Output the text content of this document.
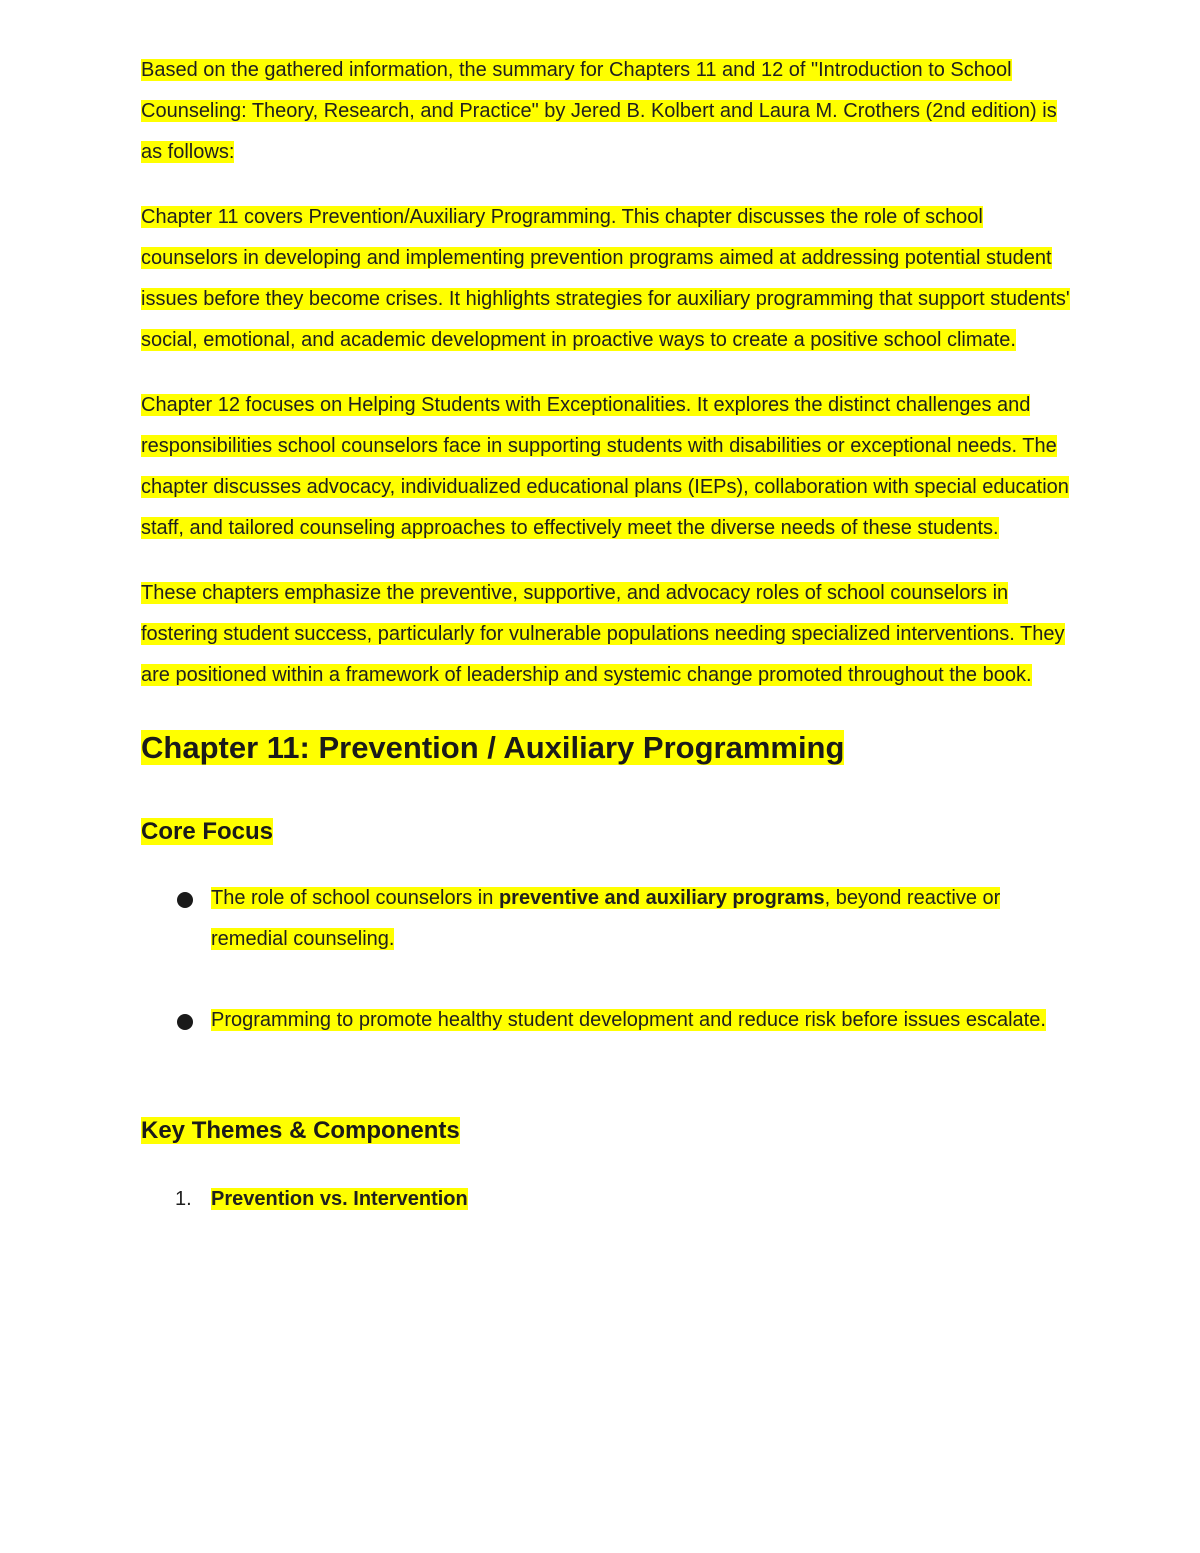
Based on the gathered information, the summary for Chapters 11 and 12 of "Introduction to School Counseling: Theory, Research, and Practice" by Jered B. Kolbert and Laura M. Crothers (2nd edition) is as follows:

Chapter 11 covers Prevention/Auxiliary Programming. This chapter discusses the role of school counselors in developing and implementing prevention programs aimed at addressing potential student issues before they become crises. It highlights strategies for auxiliary programming that support students' social, emotional, and academic development in proactive ways to create a positive school climate.

Chapter 12 focuses on Helping Students with Exceptionalities. It explores the distinct challenges and responsibilities school counselors face in supporting students with disabilities or exceptional needs. The chapter discusses advocacy, individualized educational plans (IEPs), collaboration with special education staff, and tailored counseling approaches to effectively meet the diverse needs of these students.

These chapters emphasize the preventive, supportive, and advocacy roles of school counselors in fostering student success, particularly for vulnerable populations needing specialized interventions. They are positioned within a framework of leadership and systemic change promoted throughout the book.

Chapter 11: Prevention / Auxiliary Programming
Core Focus
The role of school counselors in preventive and auxiliary programs, beyond reactive or remedial counseling.
Programming to promote healthy student development and reduce risk before issues escalate.
Key Themes & Components
1. Prevention vs. Intervention
